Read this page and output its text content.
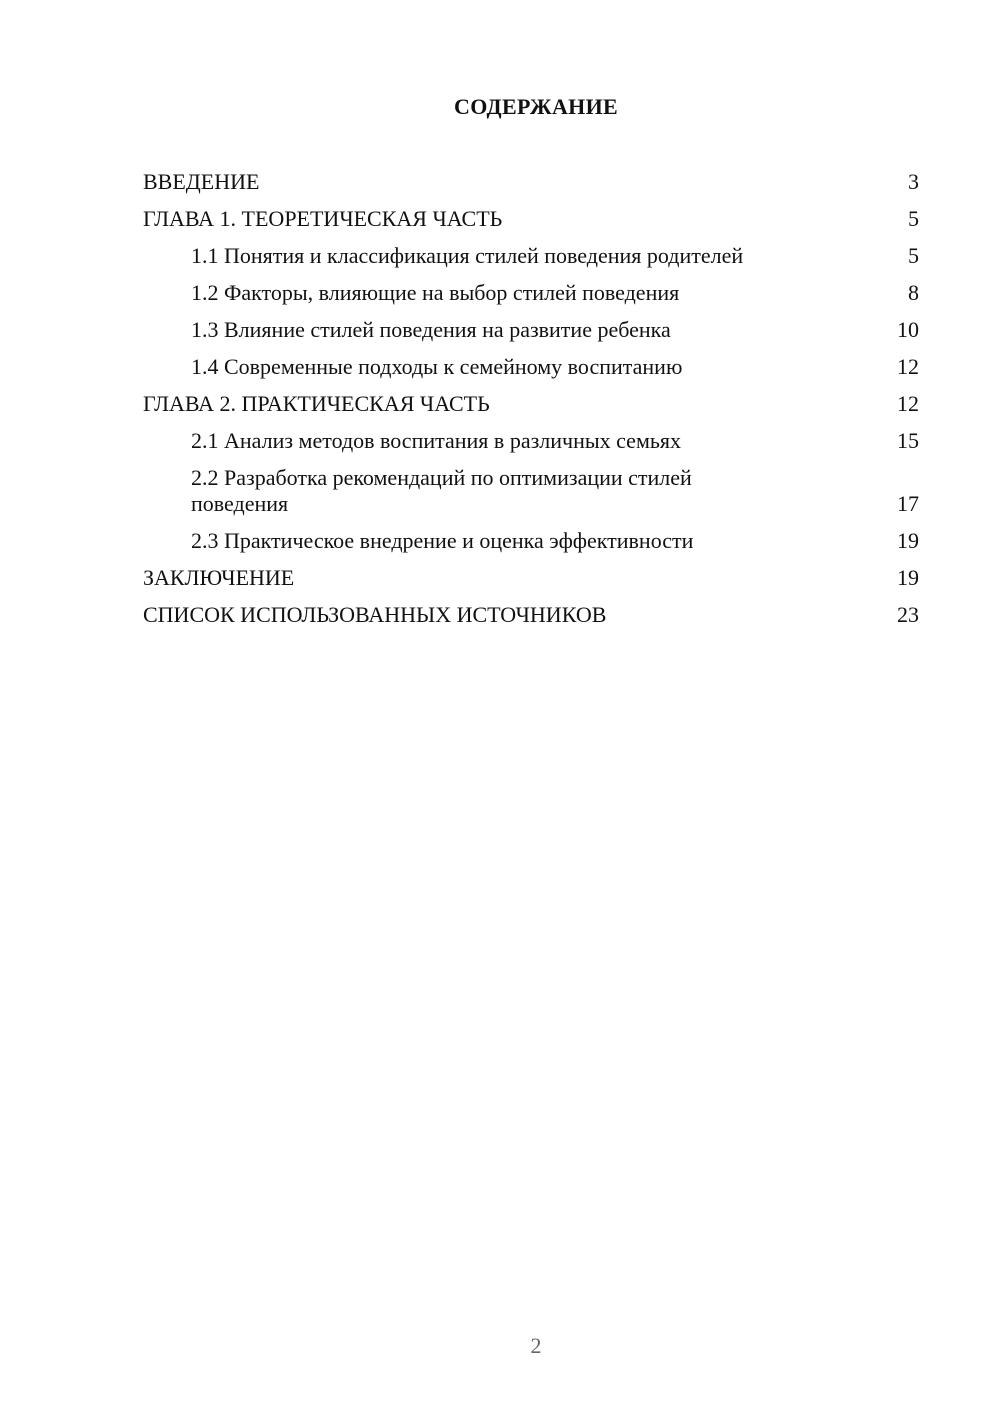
СОДЕРЖАНИЕ
ВВЕДЕНИЕ	3
ГЛАВА 1. ТЕОРЕТИЧЕСКАЯ ЧАСТЬ	5
1.1 Понятия и классификация стилей поведения родителей	5
1.2 Факторы, влияющие на выбор стилей поведения	8
1.3 Влияние стилей поведения на развитие ребенка	10
1.4 Современные подходы к семейному воспитанию	12
ГЛАВА 2. ПРАКТИЧЕСКАЯ ЧАСТЬ	12
2.1 Анализ методов воспитания в различных семьях	15
2.2 Разработка рекомендаций по оптимизации стилей поведения	17
2.3 Практическое внедрение и оценка эффективности	19
ЗАКЛЮЧЕНИЕ	19
СПИСОК ИСПОЛЬЗОВАННЫХ ИСТОЧНИКОВ	23
2
